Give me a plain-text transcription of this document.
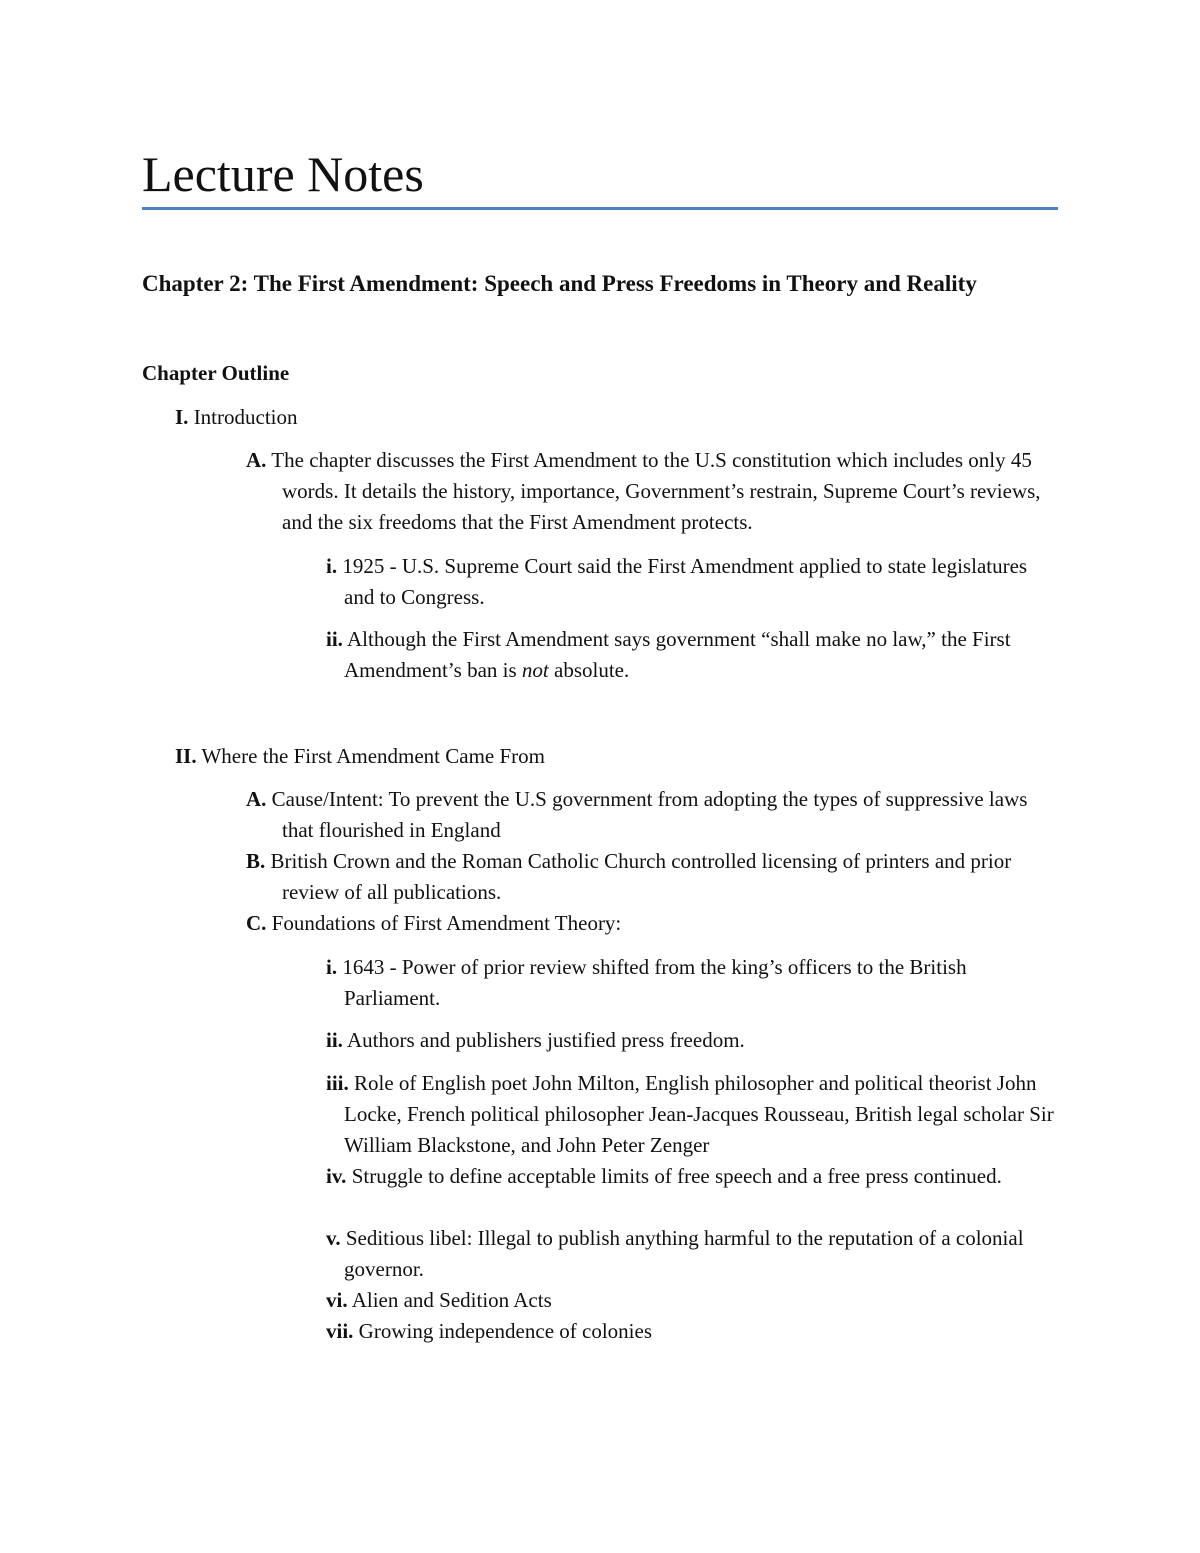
Lecture Notes
Chapter 2: The First Amendment: Speech and Press Freedoms in Theory and Reality
Chapter Outline

I. Introduction

A. The chapter discusses the First Amendment to the U.S constitution which includes only 45 words. It details the history, importance, Government’s restrain, Supreme Court’s reviews, and the six freedoms that the First Amendment protects.

i. 1925 - U.S. Supreme Court said the First Amendment applied to state legislatures and to Congress.

ii. Although the First Amendment says government “shall make no law,” the First Amendment’s ban is not absolute.

II. Where the First Amendment Came From

A. Cause/Intent: To prevent the U.S government from adopting the types of suppressive laws that flourished in England

B. British Crown and the Roman Catholic Church controlled licensing of printers and prior review of all publications.

C. Foundations of First Amendment Theory:

i. 1643 - Power of prior review shifted from the king’s officers to the British Parliament.

ii. Authors and publishers justified press freedom.

iii. Role of English poet John Milton, English philosopher and political theorist John Locke, French political philosopher Jean-Jacques Rousseau, British legal scholar Sir William Blackstone, and John Peter Zenger

iv. Struggle to define acceptable limits of free speech and a free press continued.

v. Seditious libel: Illegal to publish anything harmful to the reputation of a colonial governor.

vi. Alien and Sedition Acts

vii. Growing independence of colonies
